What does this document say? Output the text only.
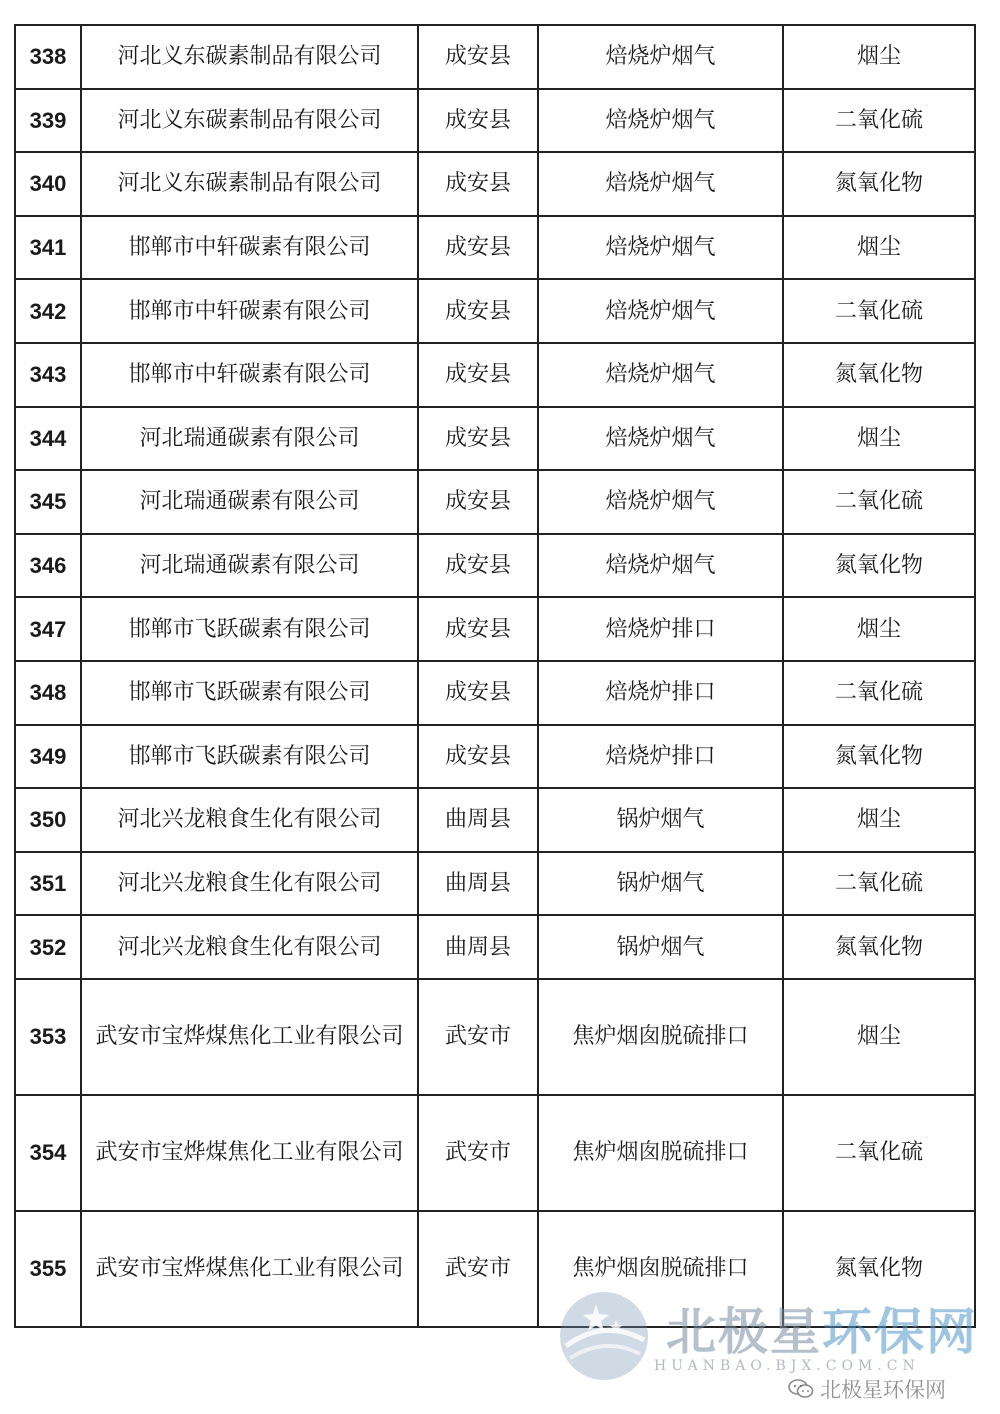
338	河北义东碳素制品有限公司	成安县	焙烧炉烟气	烟尘
339	河北义东碳素制品有限公司	成安县	焙烧炉烟气	二氧化硫
340	河北义东碳素制品有限公司	成安县	焙烧炉烟气	氮氧化物
341	邯郸市中轩碳素有限公司	成安县	焙烧炉烟气	烟尘
342	邯郸市中轩碳素有限公司	成安县	焙烧炉烟气	二氧化硫
343	邯郸市中轩碳素有限公司	成安县	焙烧炉烟气	氮氧化物
344	河北瑞通碳素有限公司	成安县	焙烧炉烟气	烟尘
345	河北瑞通碳素有限公司	成安县	焙烧炉烟气	二氧化硫
346	河北瑞通碳素有限公司	成安县	焙烧炉烟气	氮氧化物
347	邯郸市飞跃碳素有限公司	成安县	焙烧炉排口	烟尘
348	邯郸市飞跃碳素有限公司	成安县	焙烧炉排口	二氧化硫
349	邯郸市飞跃碳素有限公司	成安县	焙烧炉排口	氮氧化物
350	河北兴龙粮食生化有限公司	曲周县	锅炉烟气	烟尘
351	河北兴龙粮食生化有限公司	曲周县	锅炉烟气	二氧化硫
352	河北兴龙粮食生化有限公司	曲周县	锅炉烟气	氮氧化物
353	武安市宝烨煤焦化工业有限公司	武安市	焦炉烟囱脱硫排口	烟尘
354	武安市宝烨煤焦化工业有限公司	武安市	焦炉烟囱脱硫排口	二氧化硫
355	武安市宝烨煤焦化工业有限公司	武安市	焦炉烟囱脱硫排口	氮氧化物
北极星环保网
HUANBAO.BJX.COM.CN
北极星环保网
